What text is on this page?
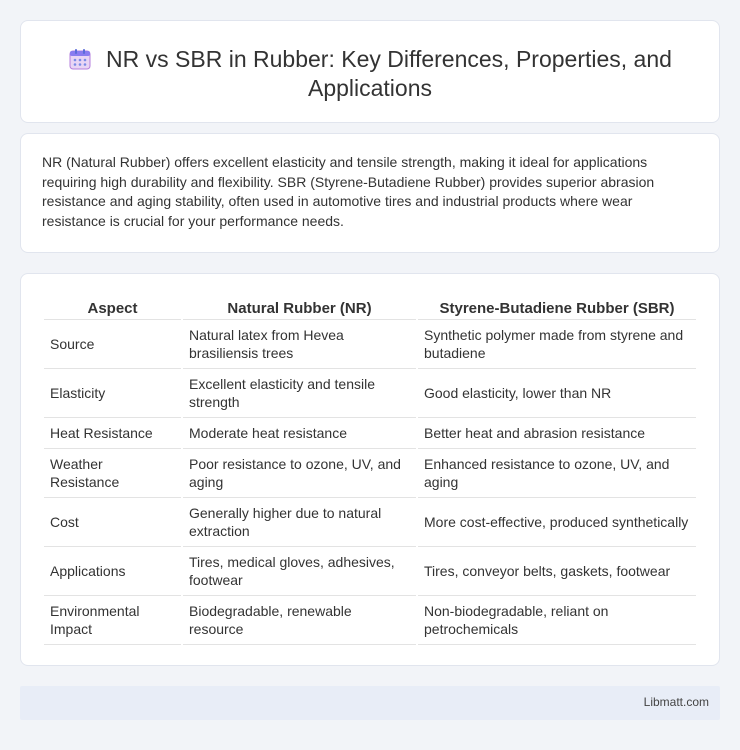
NR vs SBR in Rubber: Key Differences, Properties, and Applications

NR (Natural Rubber) offers excellent elasticity and tensile strength, making it ideal for applications requiring high durability and flexibility. SBR (Styrene-Butadiene Rubber) provides superior abrasion resistance and aging stability, often used in automotive tires and industrial products where wear resistance is crucial for your performance needs.

Aspect	Natural Rubber (NR)	Styrene-Butadiene Rubber (SBR)
Source	Natural latex from Hevea brasiliensis trees	Synthetic polymer made from styrene and butadiene
Elasticity	Excellent elasticity and tensile strength	Good elasticity, lower than NR
Heat Resistance	Moderate heat resistance	Better heat and abrasion resistance
Weather Resistance	Poor resistance to ozone, UV, and aging	Enhanced resistance to ozone, UV, and aging
Cost	Generally higher due to natural extraction	More cost-effective, produced synthetically
Applications	Tires, medical gloves, adhesives, footwear	Tires, conveyor belts, gaskets, footwear
Environmental Impact	Biodegradable, renewable resource	Non-biodegradable, reliant on petrochemicals
Libmatt.com
